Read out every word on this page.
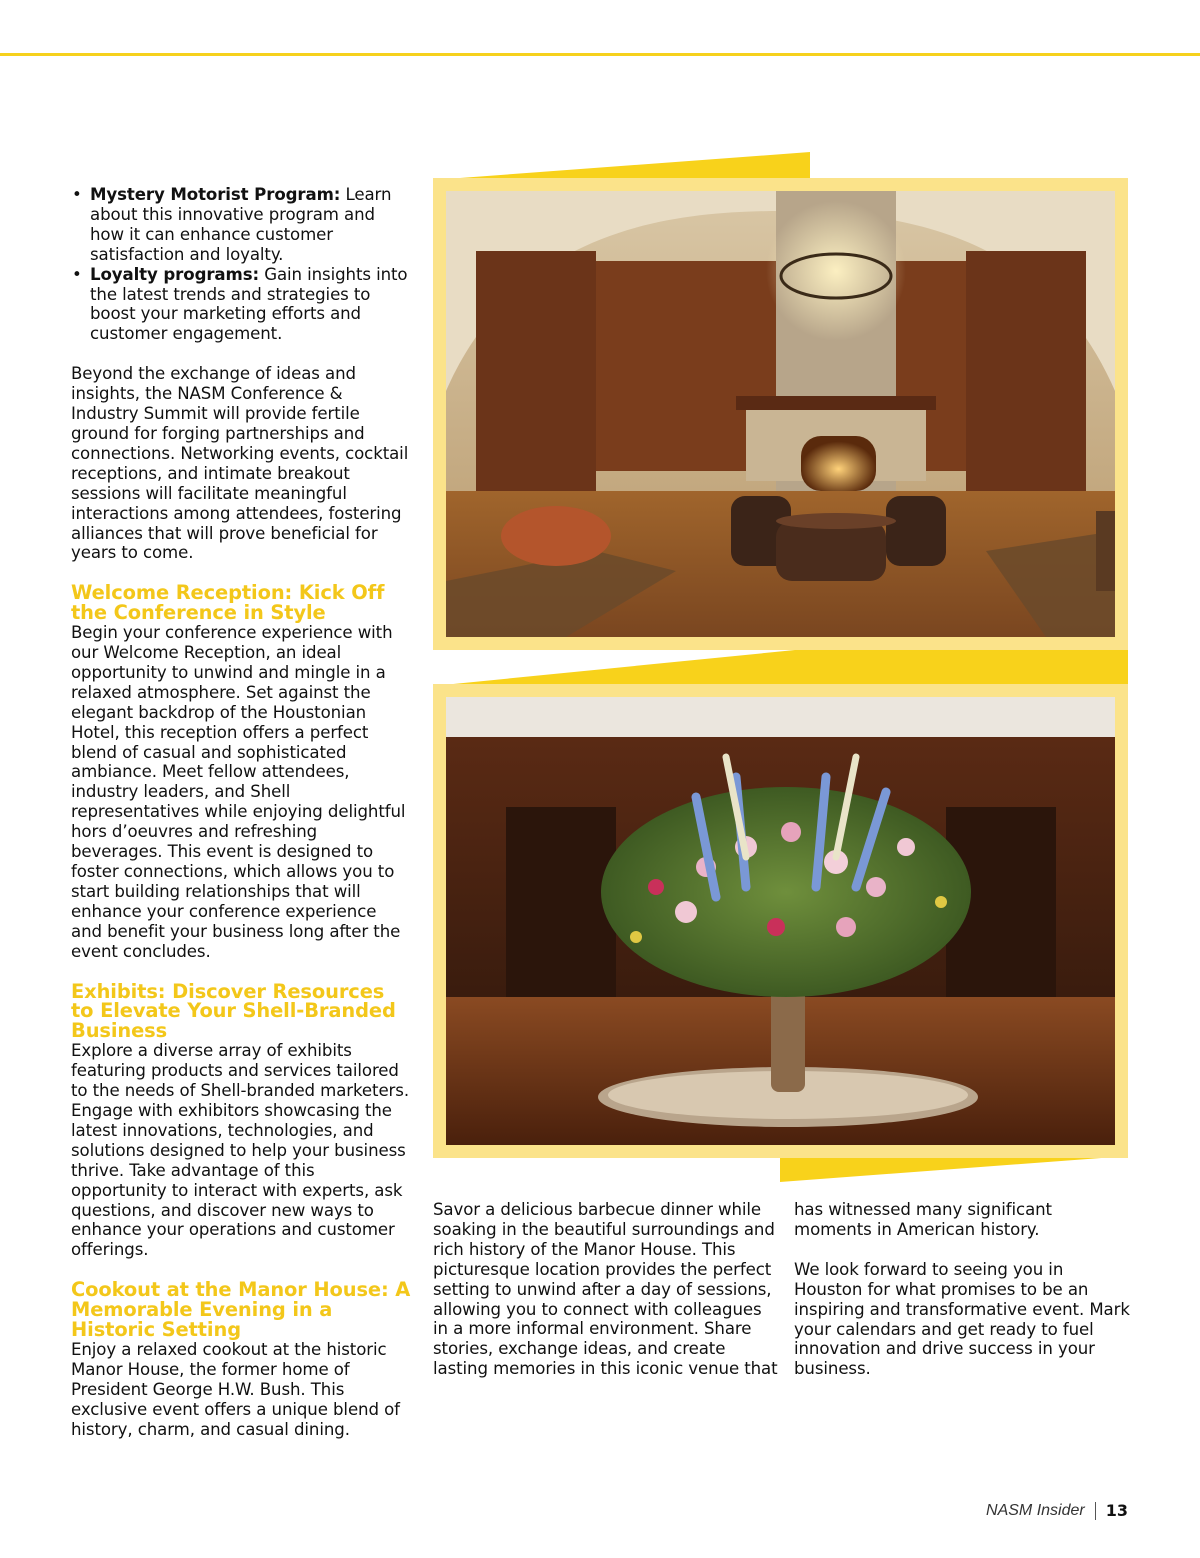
• Mystery Motorist Program: Learn about this innovative program and how it can enhance customer satisfaction and loyalty.
• Loyalty programs: Gain insights into the latest trends and strategies to boost your marketing efforts and customer engagement.

Beyond the exchange of ideas and insights, the NASM Conference & Industry Summit will provide fertile ground for forging partnerships and connections. Networking events, cocktail receptions, and intimate breakout sessions will facilitate meaningful interactions among attendees, fostering alliances that will prove beneficial for years to come.

Welcome Reception: Kick Off the Conference in Style

Begin your conference experience with our Welcome Reception, an ideal opportunity to unwind and mingle in a relaxed atmosphere. Set against the elegant backdrop of the Houstonian Hotel, this reception offers a perfect blend of casual and sophisticated ambiance. Meet fellow attendees, industry leaders, and Shell representatives while enjoying delightful hors d’oeuvres and refreshing beverages. This event is designed to foster connections, which allows you to start building relationships that will enhance your conference experience and benefit your business long after the event concludes.

Exhibits: Discover Resources to Elevate Your Shell-Branded Business

Explore a diverse array of exhibits featuring products and services tailored to the needs of Shell-branded marketers. Engage with exhibitors showcasing the latest innovations, technologies, and solutions designed to help your business thrive. Take advantage of this opportunity to interact with experts, ask questions, and discover new ways to enhance your operations and customer offerings.

Cookout at the Manor House: A Memorable Evening in a Historic Setting

Enjoy a relaxed cookout at the historic Manor House, the former home of President George H.W. Bush. This exclusive event offers a unique blend of history, charm, and casual dining.

Savor a delicious barbecue dinner while soaking in the beautiful surroundings and rich history of the Manor House. This picturesque location provides the perfect setting to unwind after a day of sessions, allowing you to connect with colleagues in a more informal environment. Share stories, exchange ideas, and create lasting memories in this iconic venue that

has witnessed many significant moments in American history.

We look forward to seeing you in Houston for what promises to be an inspiring and transformative event. Mark your calendars and get ready to fuel innovation and drive success in your business.

NASM Insider 13
